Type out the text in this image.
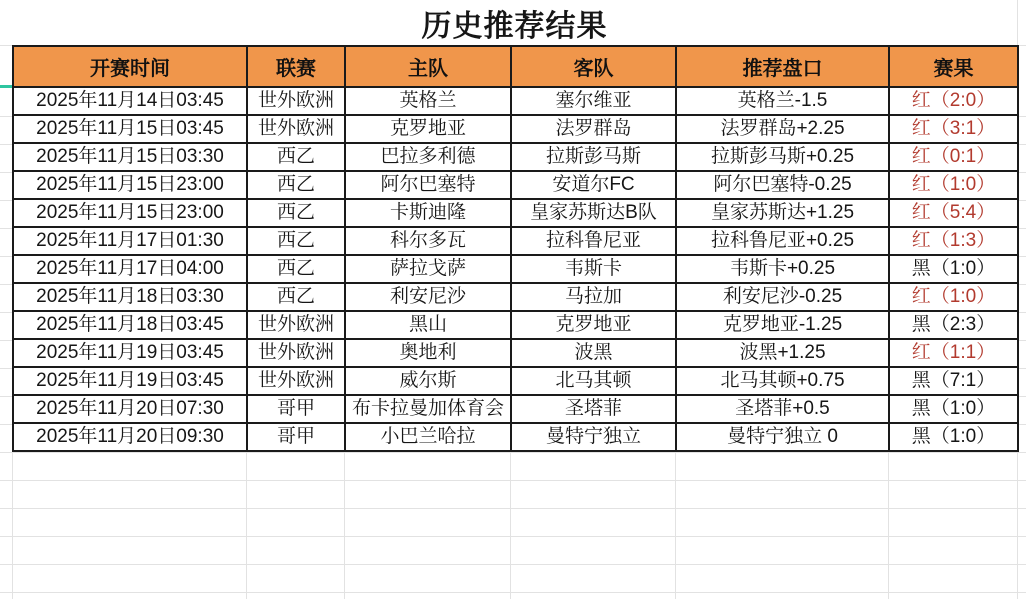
历史推荐结果
开赛时间	联赛	主队	客队	推荐盘口	赛果
2025年11月14日03:45	世外欧洲	英格兰	塞尔维亚	英格兰-1.5	红（2:0）
2025年11月15日03:45	世外欧洲	克罗地亚	法罗群岛	法罗群岛+2.25	红（3:1）
2025年11月15日03:30	西乙	巴拉多利德	拉斯彭马斯	拉斯彭马斯+0.25	红（0:1）
2025年11月15日23:00	西乙	阿尔巴塞特	安道尔FC	阿尔巴塞特-0.25	红（1:0）
2025年11月15日23:00	西乙	卡斯迪隆	皇家苏斯达B队	皇家苏斯达+1.25	红（5:4）
2025年11月17日01:30	西乙	科尔多瓦	拉科鲁尼亚	拉科鲁尼亚+0.25	红（1:3）
2025年11月17日04:00	西乙	萨拉戈萨	韦斯卡	韦斯卡+0.25	黑（1:0）
2025年11月18日03:30	西乙	利安尼沙	马拉加	利安尼沙-0.25	红（1:0）
2025年11月18日03:45	世外欧洲	黑山	克罗地亚	克罗地亚-1.25	黑（2:3）
2025年11月19日03:45	世外欧洲	奥地利	波黑	波黑+1.25	红（1:1）
2025年11月19日03:45	世外欧洲	威尔斯	北马其顿	北马其顿+0.75	黑（7:1）
2025年11月20日07:30	哥甲	布卡拉曼加体育会	圣塔菲	圣塔菲+0.5	黑（1:0）
2025年11月20日09:30	哥甲	小巴兰哈拉	曼特宁独立	曼特宁独立 0	黑（1:0）
